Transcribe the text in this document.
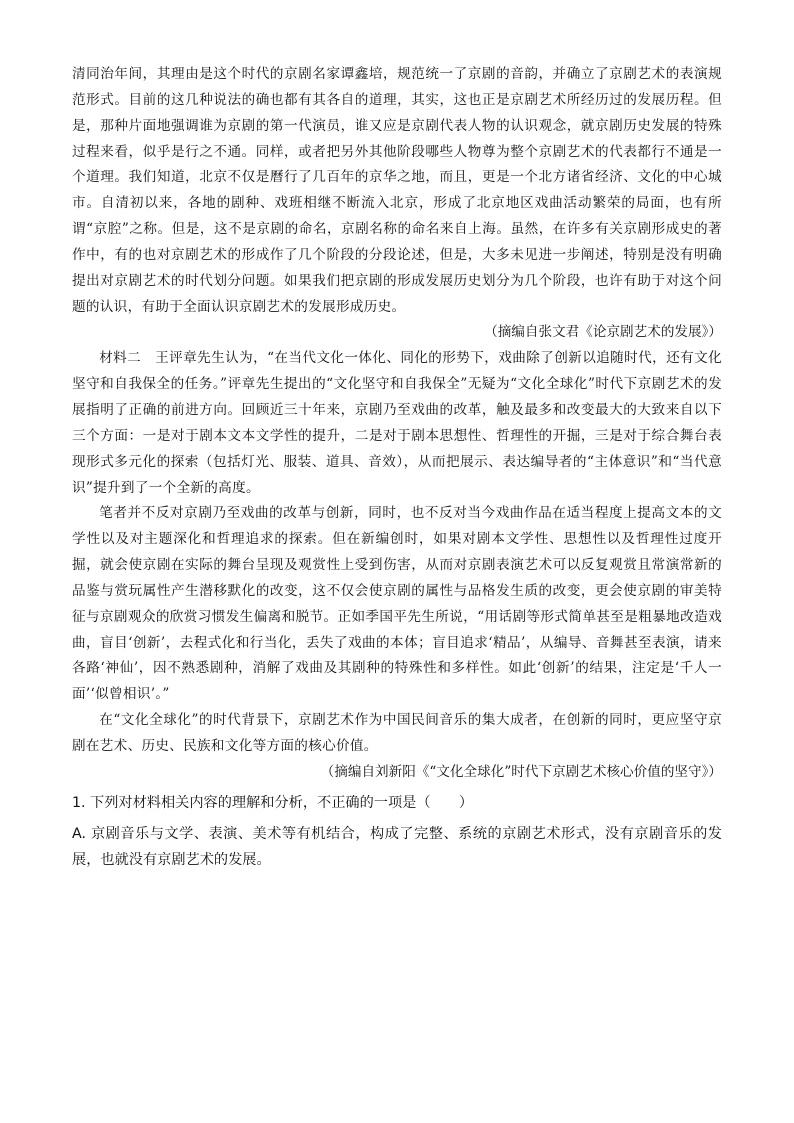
清同治年间，其理由是这个时代的京剧名家谭鑫培，规范统一了京剧的音韵，并确立了京剧艺术的表演规范形式。目前的这几种说法的确也都有其各自的道理，其实，这也正是京剧艺术所经历过的发展历程。但是，那种片面地强调谁为京剧的第一代演员，谁又应是京剧代表人物的认识观念，就京剧历史发展的特殊过程来看，似乎是行之不通。同样，或者把另外其他阶段哪些人物尊为整个京剧艺术的代表都行不通是一个道理。我们知道，北京不仅是曆行了几百年的京华之地，而且，更是一个北方诸省经济、文化的中心城市。自清初以来，各地的剧种、戏班相继不断流入北京，形成了北京地区戏曲活动繁荣的局面，也有所谓“京腔”之称。但是，这不是京剧的命名，京剧名称的命名来自上海。虽然，在许多有关京剧形成史的著作中，有的也对京剧艺术的形成作了几个阶段的分段论述，但是，大多未见进一步阐述，特别是没有明确提出对京剧艺术的时代划分问题。如果我们把京剧的形成发展历史划分为几个阶段，也许有助于对这个问题的认识，有助于全面认识京剧艺术的发展形成历史。

（摘编自张文君《论京剧艺术的发展》）

材料二　王评章先生认为，“在当代文化一体化、同化的形势下，戏曲除了创新以追随时代，还有文化坚守和自我保全的任务。”评章先生提出的“文化坚守和自我保全”无疑为“文化全球化”时代下京剧艺术的发展指明了正确的前进方向。回顾近三十年来，京剧乃至戏曲的改革，触及最多和改变最大的大致来自以下三个方面：一是对于剧本文本文学性的提升，二是对于剧本思想性、哲理性的开掘，三是对于综合舞台表现形式多元化的探索（包括灯光、服装、道具、音效），从而把展示、表达编导者的“主体意识”和“当代意识”提升到了一个全新的高度。

笔者并不反对京剧乃至戏曲的改革与创新，同时，也不反对当今戏曲作品在适当程度上提高文本的文学性以及对主题深化和哲理追求的探索。但在新编创时，如果对剧本文学性、思想性以及哲理性过度开掘，就会使京剧在实际的舞台呈现及观赏性上受到伤害，从而对京剧表演艺术可以反复观赏且常演常新的品鉴与赏玩属性产生潜移默化的改变，这不仅会使京剧的属性与品格发生质的改变，更会使京剧的审美特征与京剧观众的欣赏习惯发生偏离和脱节。正如季国平先生所说，“用话剧等形式简单甚至是粗暴地改造戏曲，盲目‘创新’，去程式化和行当化，丢失了戏曲的本体；盲目追求‘精品’，从编导、音舞甚至表演，请来各路‘神仙’，因不熟悉剧种，消解了戏曲及其剧种的特殊性和多样性。如此‘创新’的结果，注定是‘千人一面’‘似曾相识’。”

在“文化全球化”的时代背景下，京剧艺术作为中国民间音乐的集大成者，在创新的同时，更应坚守京剧在艺术、历史、民族和文化等方面的核心价值。

（摘编自刘新阳《“文化全球化”时代下京剧艺术核心价值的坚守》）

1. 下列对材料相关内容的理解和分析，不正确的一项是（　　）

A. 京剧音乐与文学、表演、美术等有机结合，构成了完整、系统的京剧艺术形式，没有京剧音乐的发展，也就没有京剧艺术的发展。
